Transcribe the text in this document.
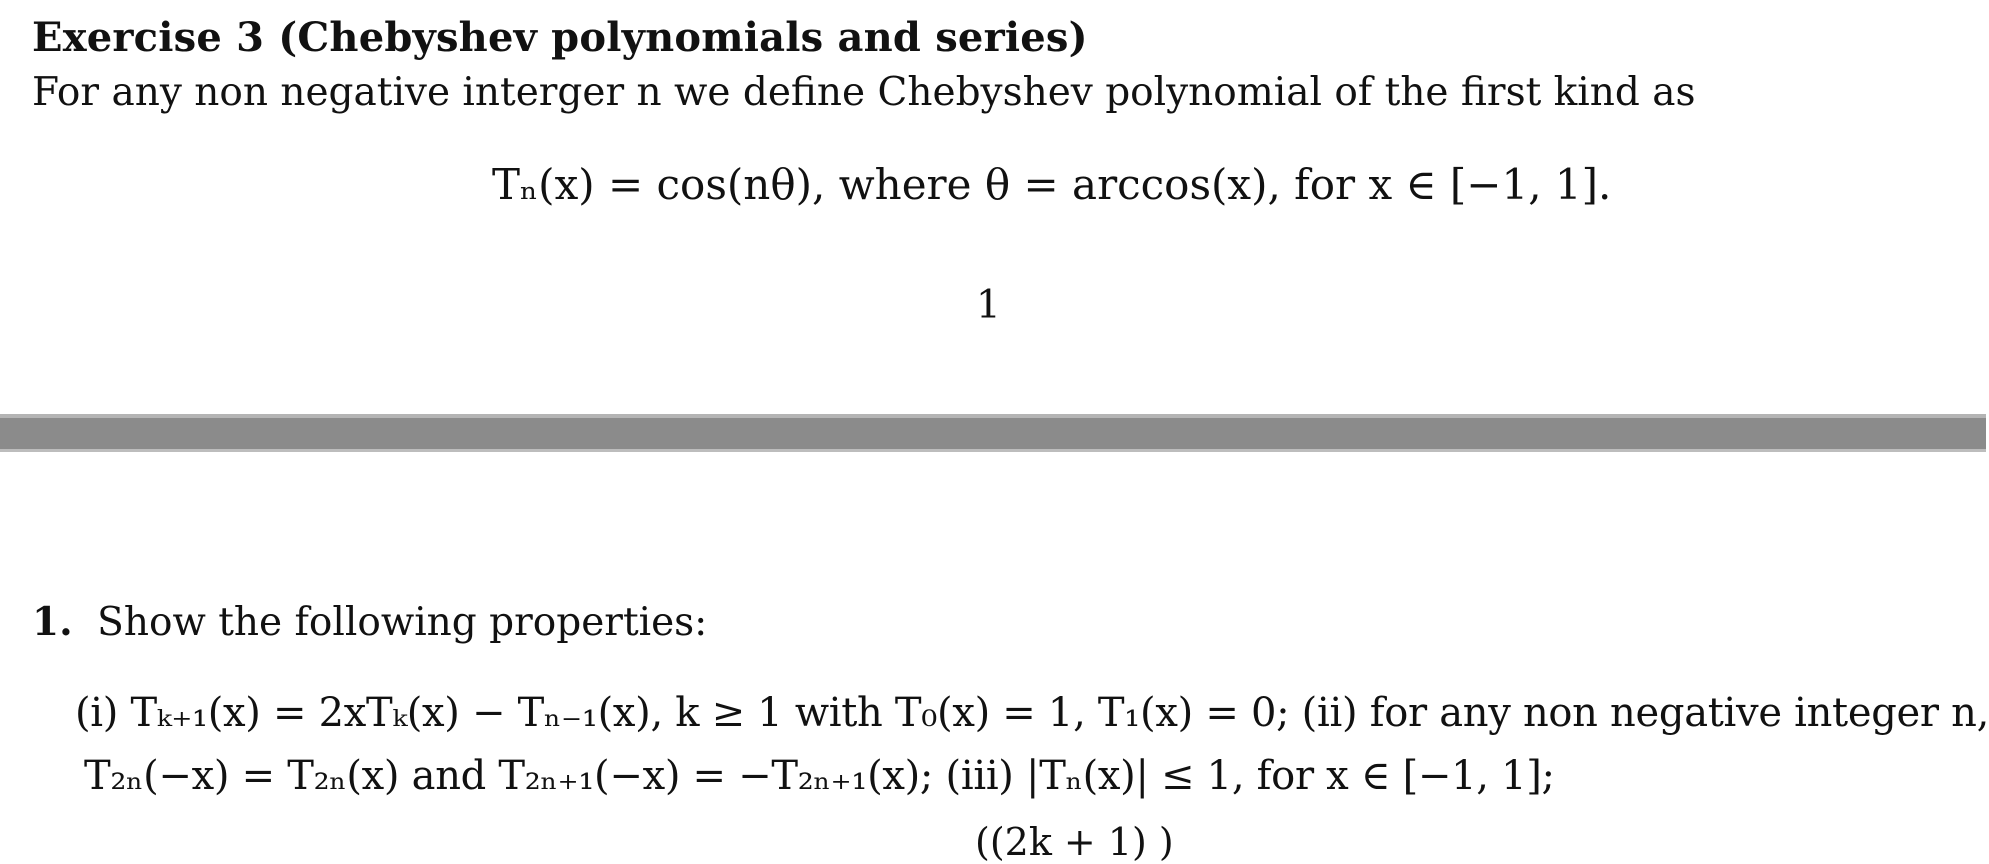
Exercise 3 (Chebyshev polynomials and series)
For any non negative interger n we define Chebyshev polynomial of the first kind as
Tₙ(x) = cos(nθ), where θ = arccos(x), for x ∈ [−1, 1].
1
1. Show the following properties:
(i) Tₖ₊₁(x) = 2xTₖ(x) − Tₙ₋₁(x), k ≥ 1 with T₀(x) = 1, T₁(x) = 0; (ii) for any non negative integer n,
T₂ₙ(−x) = T₂ₙ(x) and T₂ₙ₊₁(−x) = −T₂ₙ₊₁(x); (iii) |Tₙ(x)| ≤ 1, for x ∈ [−1, 1];
((2k + 1) )
